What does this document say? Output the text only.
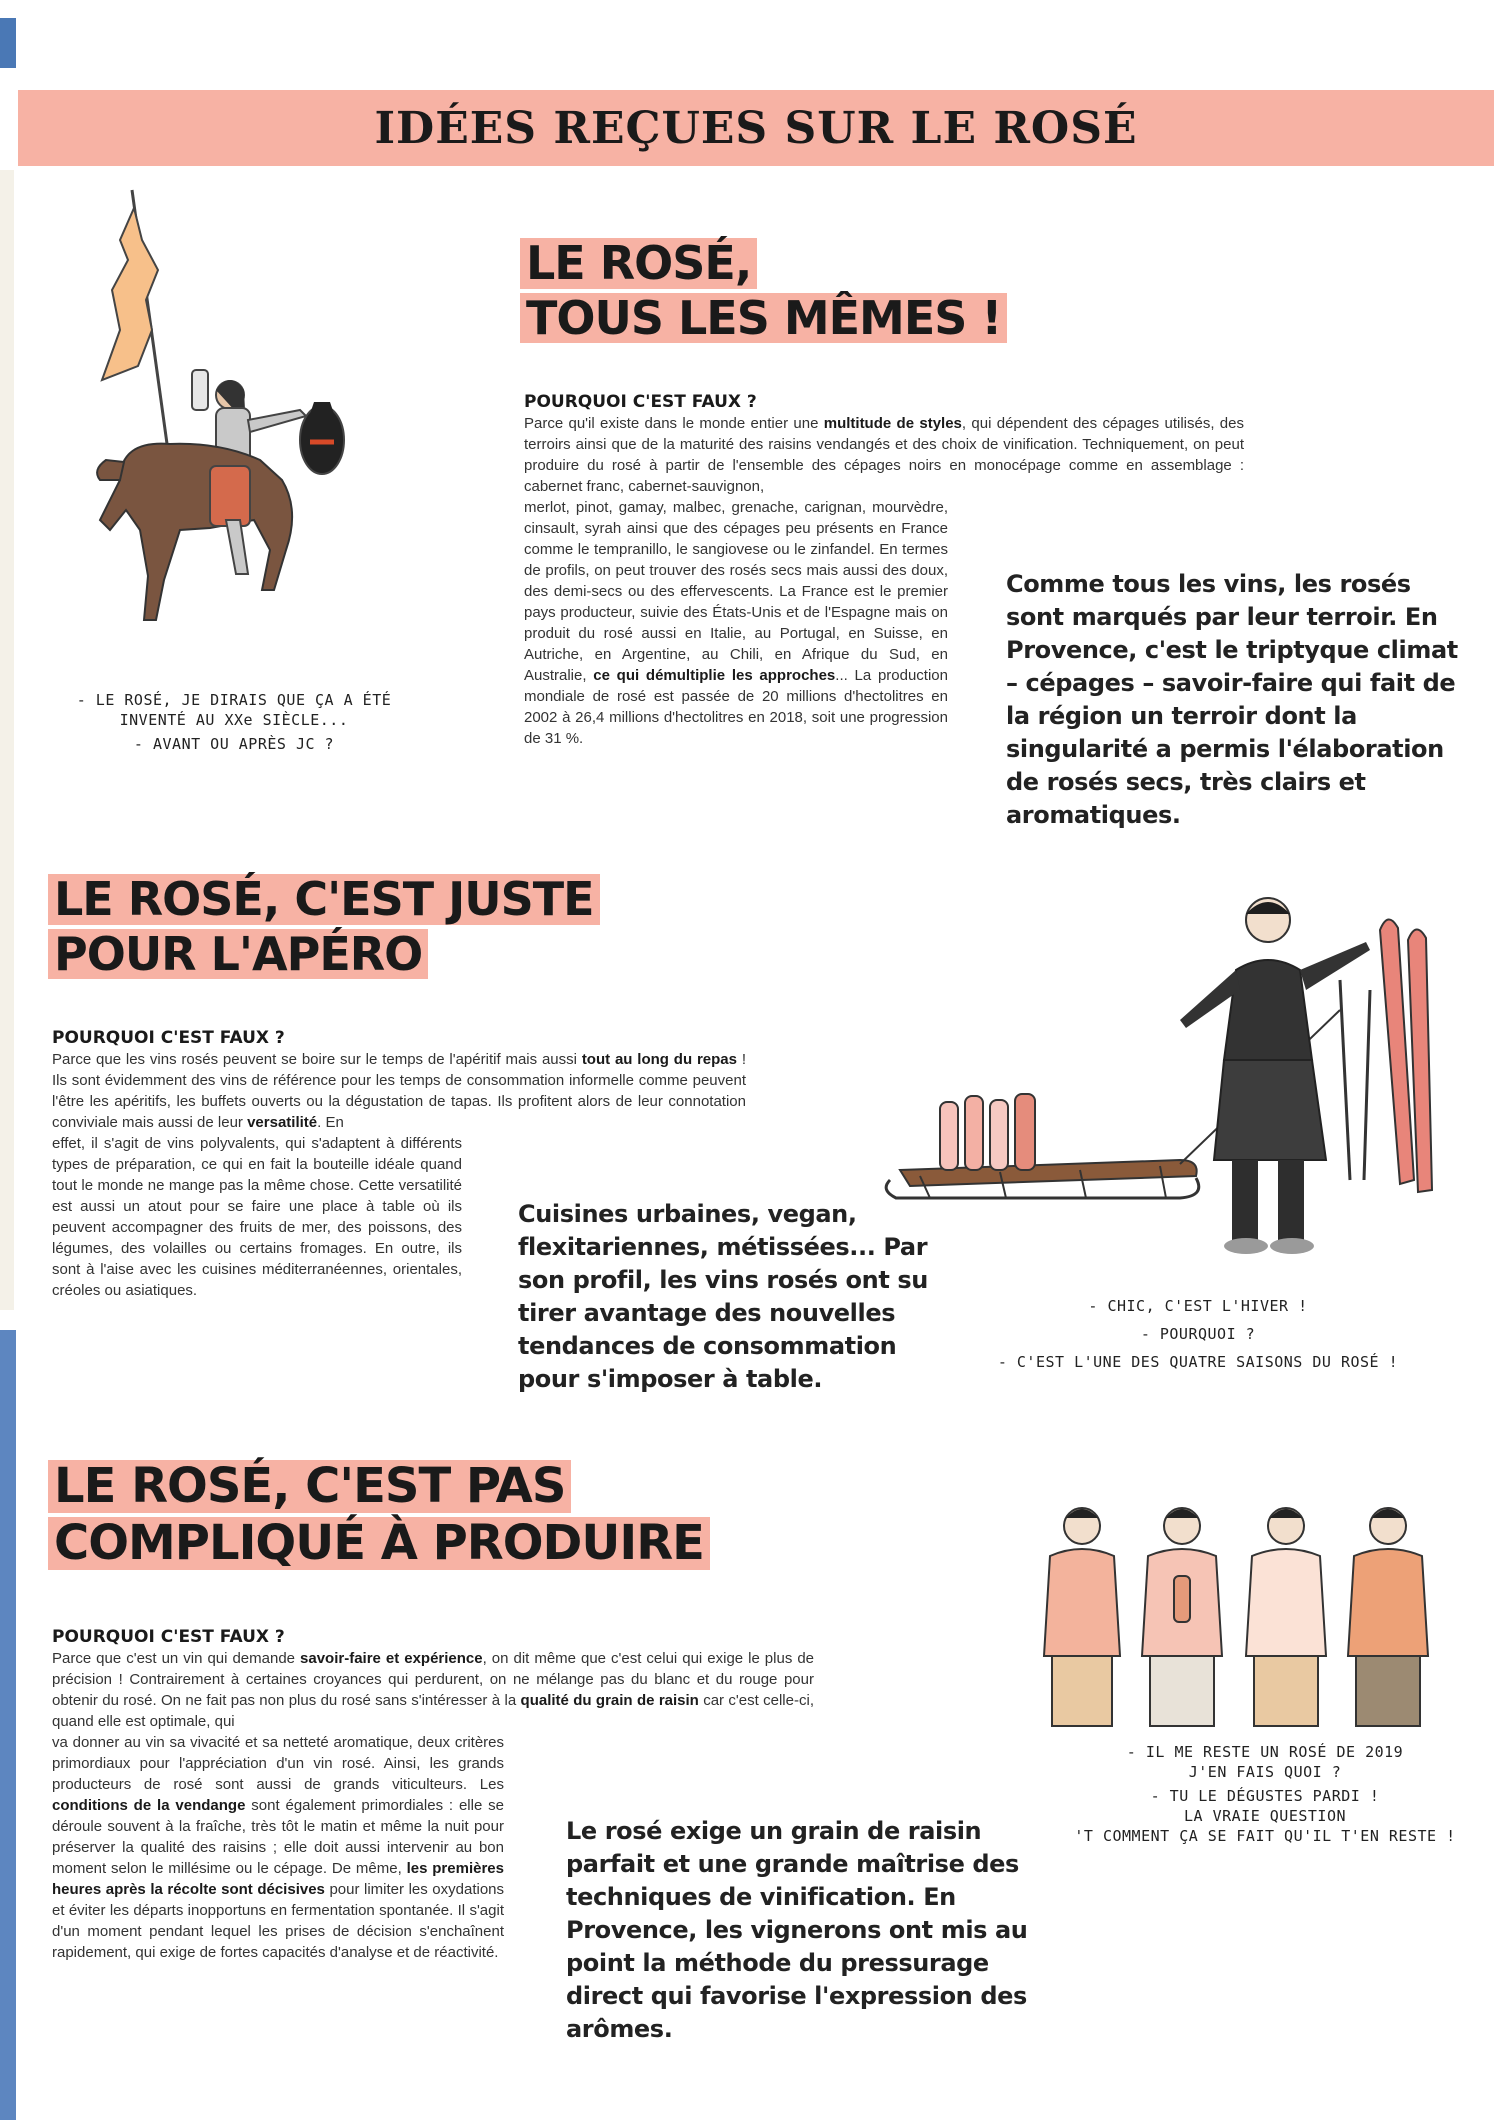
IDÉES REÇUES SUR LE ROSÉ
- LE ROSÉ, JE DIRAIS QUE ÇA A ÉTÉ
INVENTÉ AU XXe SIÈCLE...
- AVANT OU APRÈS JC ?
LE ROSÉ,
TOUS LES MÊMES !
POURQUOI C'EST FAUX ?
Parce qu'il existe dans le monde entier une multitude de styles, qui dépendent des cépages utilisés, des terroirs ainsi que de la maturité des raisins vendangés et des choix de vinification. Techniquement, on peut produire du rosé à partir de l'ensemble des cépages noirs en monocépage comme en assemblage : cabernet franc, cabernet-sauvignon,
merlot, pinot, gamay, malbec, grenache, carignan, mourvèdre, cinsault, syrah ainsi que des cépages peu présents en France comme le tempranillo, le sangiovese ou le zinfandel. En termes de profils, on peut trouver des rosés secs mais aussi des doux, des demi-secs ou des effervescents. La France est le premier pays producteur, suivie des États-Unis et de l'Espagne mais on produit du rosé aussi en Italie, au Portugal, en Suisse, en Autriche, en Argentine, au Chili, en Afrique du Sud, en Australie, ce qui démultiplie les approches... La production mondiale de rosé est passée de 20 millions d'hectolitres en 2002 à 26,4 millions d'hectolitres en 2018, soit une progression de 31 %.
Comme tous les vins, les rosés sont marqués par leur terroir. En Provence, c'est le triptyque climat – cépages – savoir-faire qui fait de la région un terroir dont la singularité a permis l'élaboration de rosés secs, très clairs et aromatiques.
LE ROSÉ, C'EST JUSTE
POUR L'APÉRO
POURQUOI C'EST FAUX ?
Parce que les vins rosés peuvent se boire sur le temps de l'apéritif mais aussi tout au long du repas ! Ils sont évidemment des vins de référence pour les temps de consommation informelle comme peuvent l'être les apéritifs, les buffets ouverts ou la dégustation de tapas. Ils profitent alors de leur connotation conviviale mais aussi de leur versatilité. En
effet, il s'agit de vins polyvalents, qui s'adaptent à différents types de préparation, ce qui en fait la bouteille idéale quand tout le monde ne mange pas la même chose. Cette versatilité est aussi un atout pour se faire une place à table où ils peuvent accompagner des fruits de mer, des poissons, des légumes, des volailles ou certains fromages. En outre, ils sont à l'aise avec les cuisines méditerranéennes, orientales, créoles ou asiatiques.
Cuisines urbaines, vegan, flexitariennes, métissées... Par son profil, les vins rosés ont su tirer avantage des nouvelles tendances de consommation pour s'imposer à table.
- CHIC, C'EST L'HIVER !
- POURQUOI ?
- C'EST L'UNE DES QUATRE SAISONS DU ROSÉ !
LE ROSÉ, C'EST PAS
COMPLIQUÉ À PRODUIRE
POURQUOI C'EST FAUX ?
Parce que c'est un vin qui demande savoir-faire et expérience, on dit même que c'est celui qui exige le plus de précision ! Contrairement à certaines croyances qui perdurent, on ne mélange pas du blanc et du rouge pour obtenir du rosé. On ne fait pas non plus du rosé sans s'intéresser à la qualité du grain de raisin car c'est celle-ci, quand elle est optimale, qui
va donner au vin sa vivacité et sa netteté aromatique, deux critères primordiaux pour l'appréciation d'un vin rosé. Ainsi, les grands producteurs de rosé sont aussi de grands viticulteurs. Les conditions de la vendange sont également primordiales : elle se déroule souvent à la fraîche, très tôt le matin et même la nuit pour préserver la qualité des raisins ; elle doit aussi intervenir au bon moment selon le millésime ou le cépage. De même, les premières heures après la récolte sont décisives pour limiter les oxydations et éviter les départs inopportuns en fermentation spontanée. Il s'agit d'un moment pendant lequel les prises de décision s'enchaînent rapidement, qui exige de fortes capacités d'analyse et de réactivité.
Le rosé exige un grain de raisin parfait et une grande maîtrise des techniques de vinification. En Provence, les vignerons ont mis au point la méthode du pressurage direct qui favorise l'expression des arômes.
- IL ME RESTE UN ROSÉ DE 2019
J'EN FAIS QUOI ?
- TU LE DÉGUSTES PARDI !
LA VRAIE QUESTION
'T COMMENT ÇA SE FAIT QU'IL T'EN RESTE !
